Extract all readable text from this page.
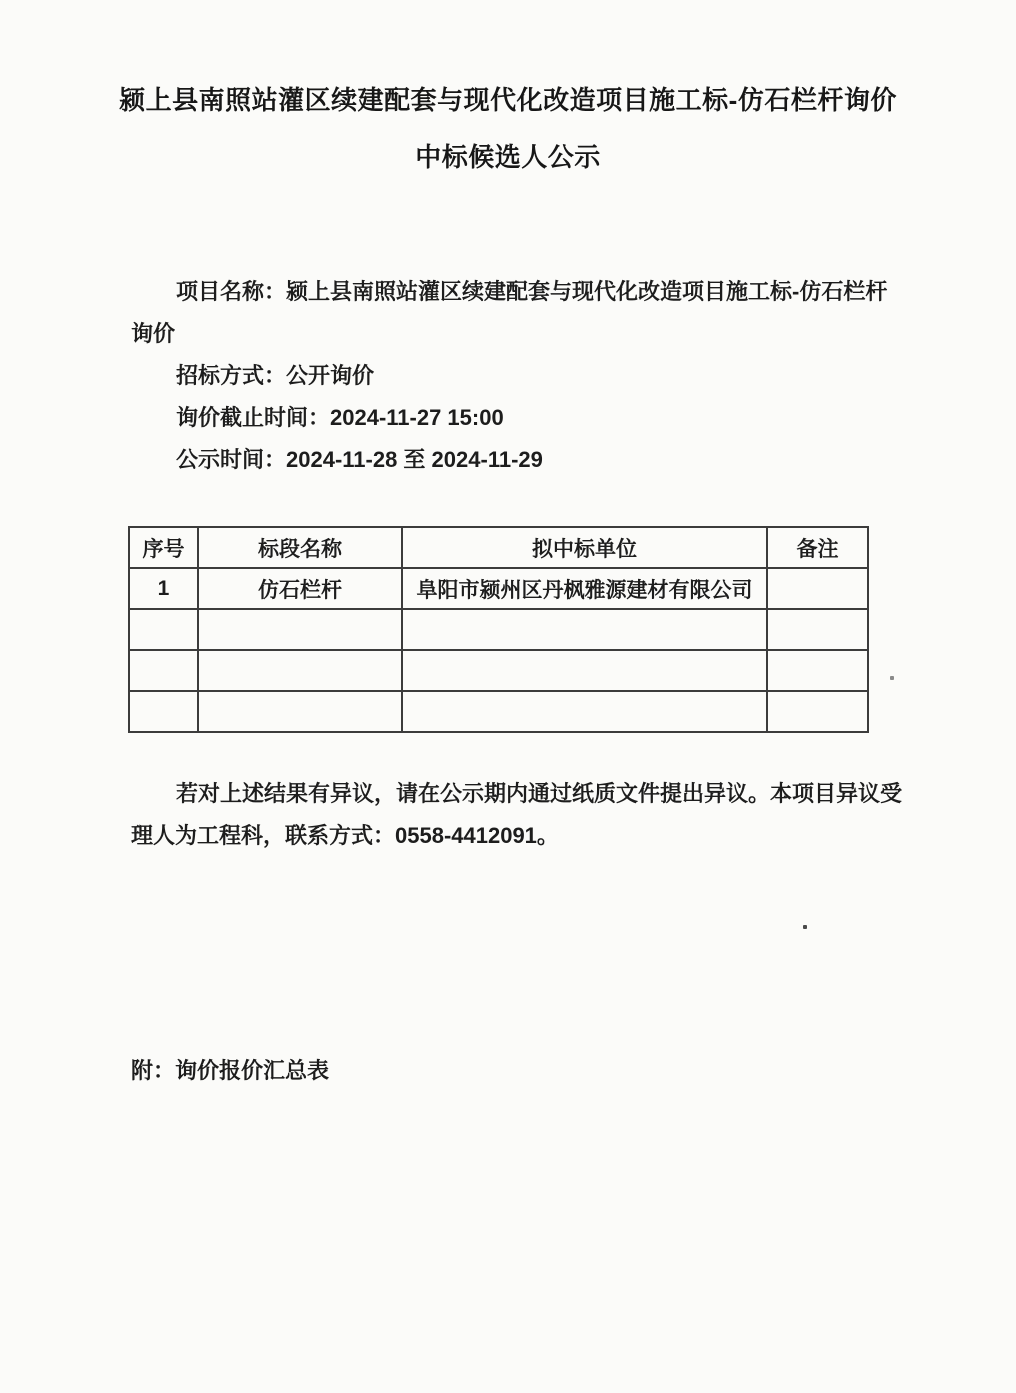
颍上县南照站灌区续建配套与现代化改造项目施工标-仿石栏杆询价
中标候选人公示
项目名称：颍上县南照站灌区续建配套与现代化改造项目施工标-仿石栏杆
询价
招标方式：公开询价
询价截止时间：2024-11-27 15:00
公示时间：2024-11-28 至 2024-11-29
序号	标段名称	拟中标单位	备注
1	仿石栏杆	阜阳市颍州区丹枫雅源建材有限公司	

若对上述结果有异议，请在公示期内通过纸质文件提出异议。本项目异议受
理人为工程科，联系方式：0558-4412091。
附：询价报价汇总表
